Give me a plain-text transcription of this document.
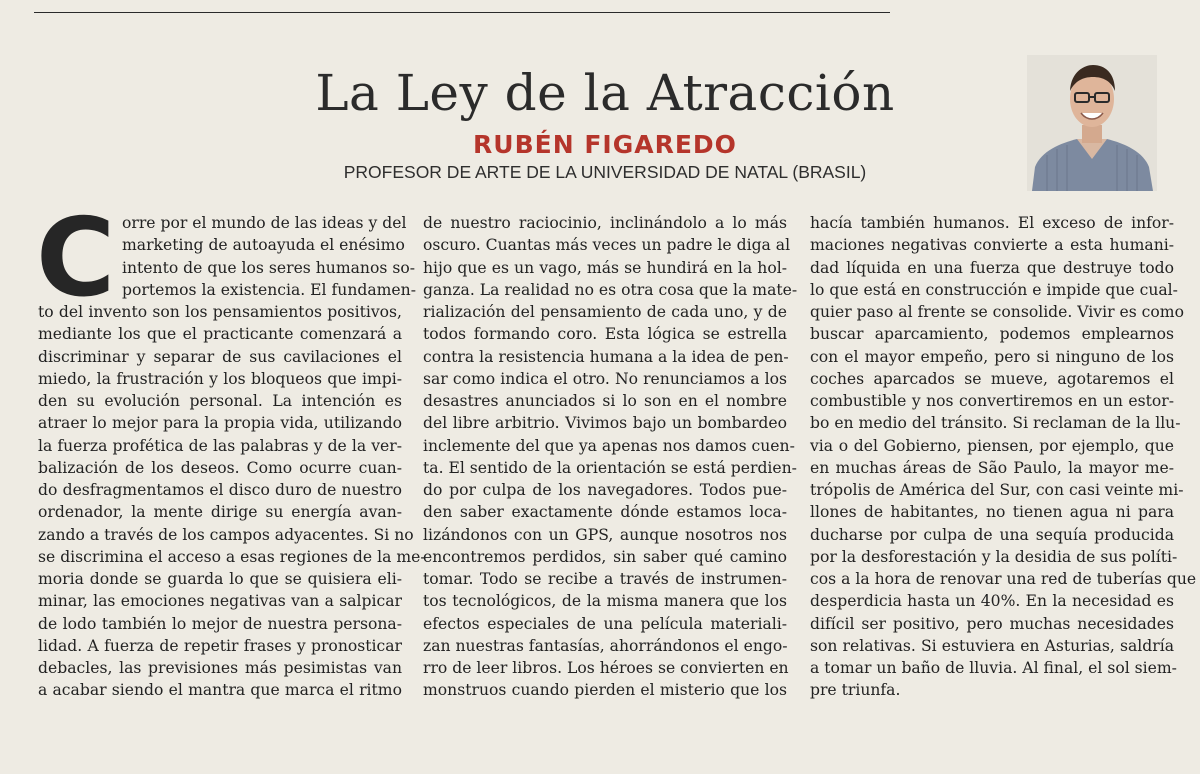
La Ley de la Atracción
RUBÉN FIGAREDO
PROFESOR DE ARTE DE LA UNIVERSIDAD DE NATAL (BRASIL)
C orre por el mundo de las ideas y del
marketing de autoayuda el enésimo
intento de que los seres humanos so-
portemos la existencia. El fundamen-
to del invento son los pensamientos positivos,
mediante los que el practicante comenzará a
discriminar y separar de sus cavilaciones el
miedo, la frustración y los bloqueos que impi-
den su evolución personal. La intención es
atraer lo mejor para la propia vida, utilizando
la fuerza profética de las palabras y de la ver-
balización de los deseos. Como ocurre cuan-
do desfragmentamos el disco duro de nuestro
ordenador, la mente dirige su energía avan-
zando a través de los campos adyacentes. Si no
se discrimina el acceso a esas regiones de la me-
moria donde se guarda lo que se quisiera eli-
minar, las emociones negativas van a salpicar
de lodo también lo mejor de nuestra persona-
lidad. A fuerza de repetir frases y pronosticar
debacles, las previsiones más pesimistas van
a acabar siendo el mantra que marca el ritmo
de nuestro raciocinio, inclinándolo a lo más
oscuro. Cuantas más veces un padre le diga al
hijo que es un vago, más se hundirá en la hol-
ganza. La realidad no es otra cosa que la mate-
rialización del pensamiento de cada uno, y de
todos formando coro. Esta lógica se estrella
contra la resistencia humana a la idea de pen-
sar como indica el otro. No renunciamos a los
desastres anunciados si lo son en el nombre
del libre arbitrio. Vivimos bajo un bombardeo
inclemente del que ya apenas nos damos cuen-
ta. El sentido de la orientación se está perdien-
do por culpa de los navegadores. Todos pue-
den saber exactamente dónde estamos loca-
lizándonos con un GPS, aunque nosotros nos
encontremos perdidos, sin saber qué camino
tomar. Todo se recibe a través de instrumen-
tos tecnológicos, de la misma manera que los
efectos especiales de una película materiali-
zan nuestras fantasías, ahorrándonos el engo-
rro de leer libros. Los héroes se convierten en
monstruos cuando pierden el misterio que los
hacía también humanos. El exceso de infor-
maciones negativas convierte a esta humani-
dad líquida en una fuerza que destruye todo
lo que está en construcción e impide que cual-
quier paso al frente se consolide. Vivir es como
buscar aparcamiento, podemos emplearnos
con el mayor empeño, pero si ninguno de los
coches aparcados se mueve, agotaremos el
combustible y nos convertiremos en un estor-
bo en medio del tránsito. Si reclaman de la llu-
via o del Gobierno, piensen, por ejemplo, que
en muchas áreas de São Paulo, la mayor me-
trópolis de América del Sur, con casi veinte mi-
llones de habitantes, no tienen agua ni para
ducharse por culpa de una sequía producida
por la desforestación y la desidia de sus políti-
cos a la hora de renovar una red de tuberías que
desperdicia hasta un 40%. En la necesidad es
difícil ser positivo, pero muchas necesidades
son relativas. Si estuviera en Asturias, saldría
a tomar un baño de lluvia. Al final, el sol siem-
pre triunfa.
